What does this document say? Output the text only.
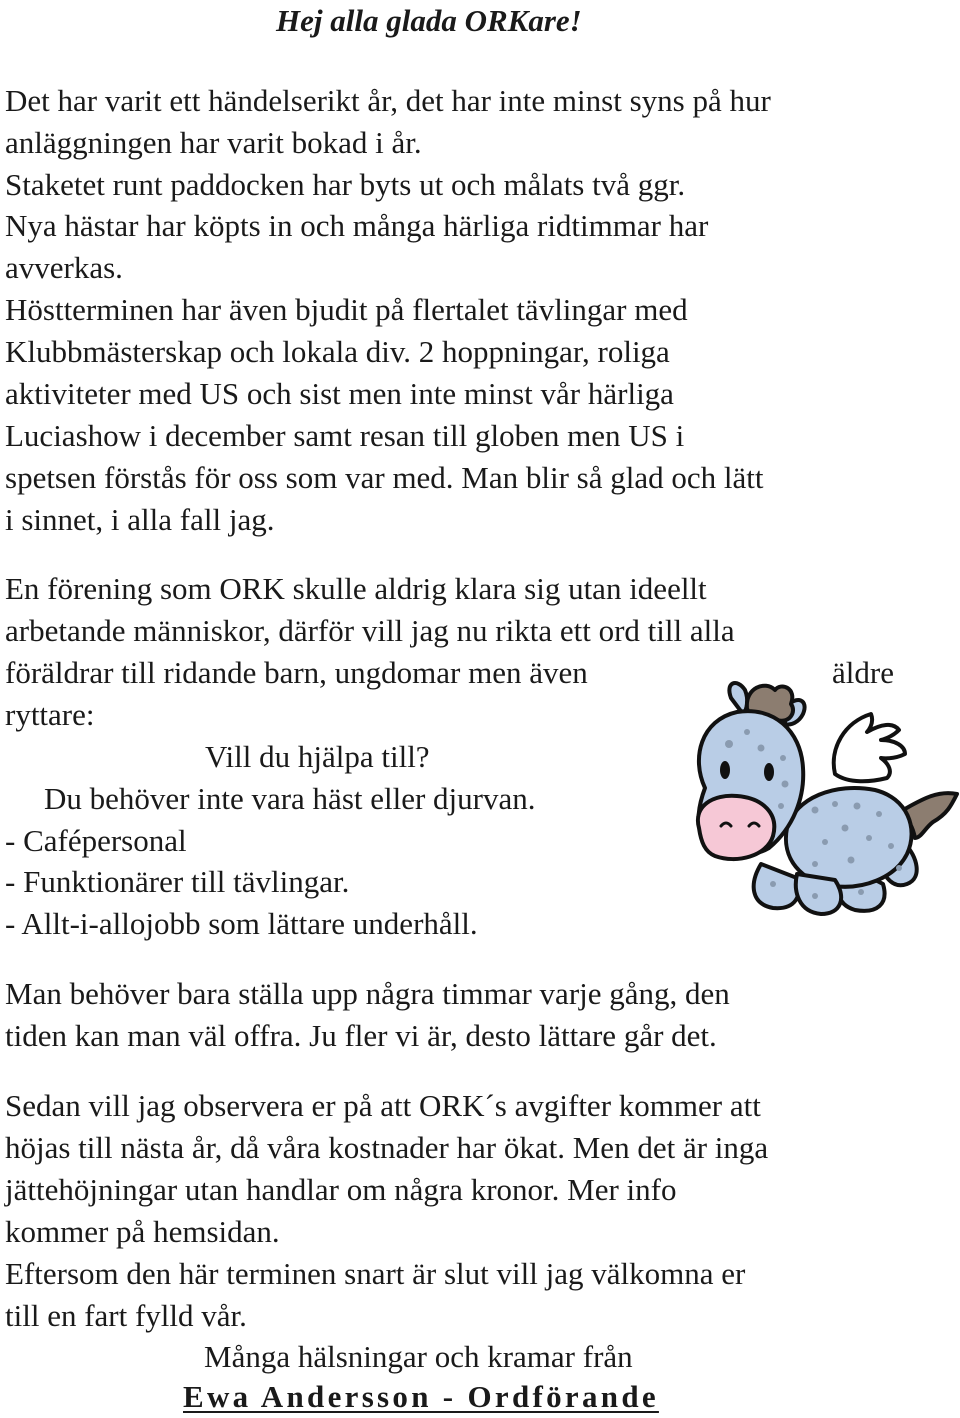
Hej alla glada ORKare!

Det har varit ett händelserikt år, det har inte minst syns på hur

anläggningen har varit bokad i år.

Staketet runt paddocken har byts ut och målats två ggr.

Nya hästar har köpts in och många härliga ridtimmar har

avverkas.

Höstterminen har även bjudit på flertalet tävlingar med

Klubbmästerskap och lokala div. 2 hoppningar, roliga

aktiviteter med US och sist men inte minst vår härliga

Luciashow i december samt resan till globen men US i

spetsen förstås för oss som var med. Man blir så glad och lätt

i sinnet, i alla fall jag.

En förening som ORK skulle aldrig klara sig utan ideellt

arbetande människor, därför vill jag nu rikta ett ord till alla

föräldrar till ridande barn, ungdomar men även	äldre

ryttare:

Vill du hjälpa till?

Du behöver inte vara häst eller djurvan.

- Cafépersonal

- Funktionärer till tävlingar.

- Allt-i-allojobb som lättare underhåll.

Man behöver bara ställa upp några timmar varje gång, den

tiden kan man väl offra. Ju fler vi är, desto lättare går det.

Sedan vill jag observera er på att ORK´s avgifter kommer att

höjas till nästa år, då våra kostnader har ökat. Men det är inga

jättehöjningar utan handlar om några kronor. Mer info

kommer på hemsidan.

Eftersom den här terminen snart är slut vill jag välkomna er

till en fart fylld vår.

Många hälsningar och kramar från

Ewa Andersson - Ordförande
